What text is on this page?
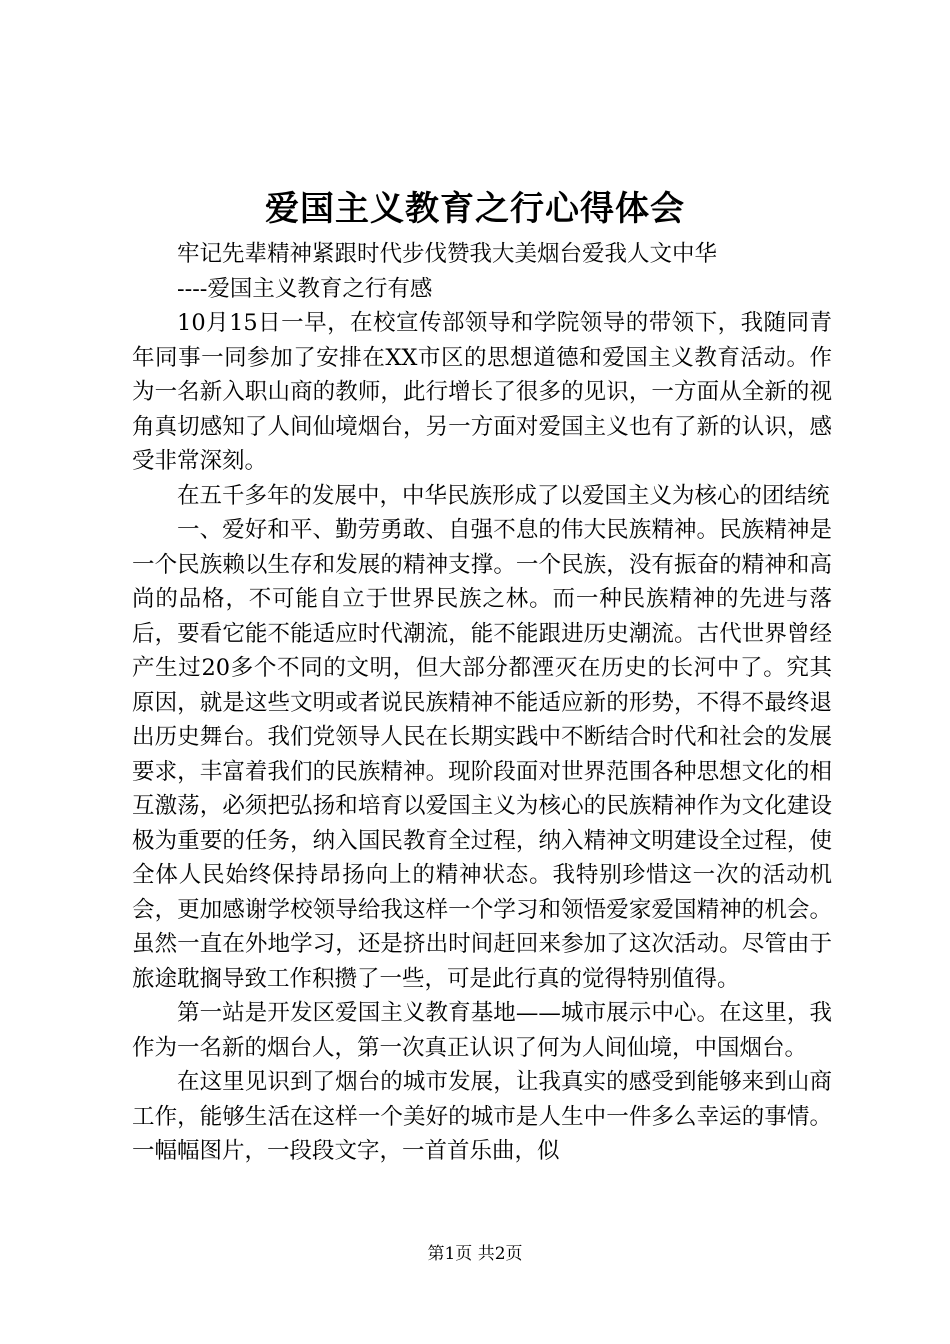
爱国主义教育之行心得体会

牢记先辈精神紧跟时代步伐赞我大美烟台爱我人文中华

----爱国主义教育之行有感

10月15日一早，在校宣传部领导和学院领导的带领下，我随同青年同事一同参加了安排在XX市区的思想道德和爱国主义教育活动。作为一名新入职山商的教师，此行增长了很多的见识，一方面从全新的视角真切感知了人间仙境烟台，另一方面对爱国主义也有了新的认识，感受非常深刻。

在五千多年的发展中，中华民族形成了以爱国主义为核心的团结统

一、爱好和平、勤劳勇敢、自强不息的伟大民族精神。民族精神是一个民族赖以生存和发展的精神支撑。一个民族，没有振奋的精神和高尚的品格，不可能自立于世界民族之林。而一种民族精神的先进与落后，要看它能不能适应时代潮流，能不能跟进历史潮流。古代世界曾经产生过20多个不同的文明，但大部分都湮灭在历史的长河中了。究其原因，就是这些文明或者说民族精神不能适应新的形势，不得不最终退出历史舞台。我们党领导人民在长期实践中不断结合时代和社会的发展要求，丰富着我们的民族精神。现阶段面对世界范围各种思想文化的相互激荡，必须把弘扬和培育以爱国主义为核心的民族精神作为文化建设极为重要的任务，纳入国民教育全过程，纳入精神文明建设全过程，使全体人民始终保持昂扬向上的精神状态。我特别珍惜这一次的活动机会，更加感谢学校领导给我这样一个学习和领悟爱家爱国精神的机会。虽然一直在外地学习，还是挤出时间赶回来参加了这次活动。尽管由于旅途耽搁导致工作积攒了一些，可是此行真的觉得特别值得。

第一站是开发区爱国主义教育基地——城市展示中心。在这里，我作为一名新的烟台人，第一次真正认识了何为人间仙境，中国烟台。

在这里见识到了烟台的城市发展，让我真实的感受到能够来到山商工作，能够生活在这样一个美好的城市是人生中一件多么幸运的事情。一幅幅图片，一段段文字，一首首乐曲，似

第1页 共2页
